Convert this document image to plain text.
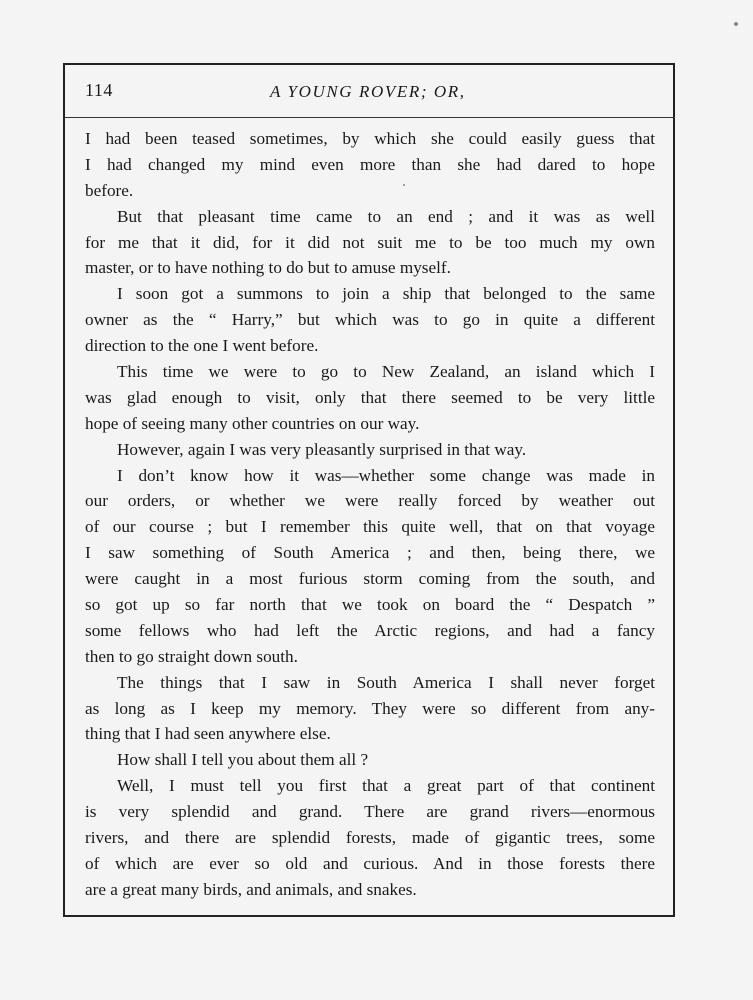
114	A YOUNG ROVER; OR,
I had been teased sometimes, by which she could easily guess that
I had changed my mind even more than she had dared to hope
before.
But that pleasant time came to an end ; and it was as well
for me that it did, for it did not suit me to be too much my own
master, or to have nothing to do but to amuse myself.
I soon got a summons to join a ship that belonged to the same
owner as the “ Harry,” but which was to go in quite a different
direction to the one I went before.
This time we were to go to New Zealand, an island which I
was glad enough to visit, only that there seemed to be very little
hope of seeing many other countries on our way.
However, again I was very pleasantly surprised in that way.
I don’t know how it was—whether some change was made in
our orders, or whether we were really forced by weather out
of our course ; but I remember this quite well, that on that voyage
I saw something of South America ; and then, being there, we
were caught in a most furious storm coming from the south, and
so got up so far north that we took on board the “ Despatch ”
some fellows who had left the Arctic regions, and had a fancy
then to go straight down south.
The things that I saw in South America I shall never forget
as long as I keep my memory. They were so different from any-
thing that I had seen anywhere else.
How shall I tell you about them all ?
Well, I must tell you first that a great part of that continent
is very splendid and grand. There are grand rivers—enormous
rivers, and there are splendid forests, made of gigantic trees, some
of which are ever so old and curious. And in those forests there
are a great many birds, and animals, and snakes.
